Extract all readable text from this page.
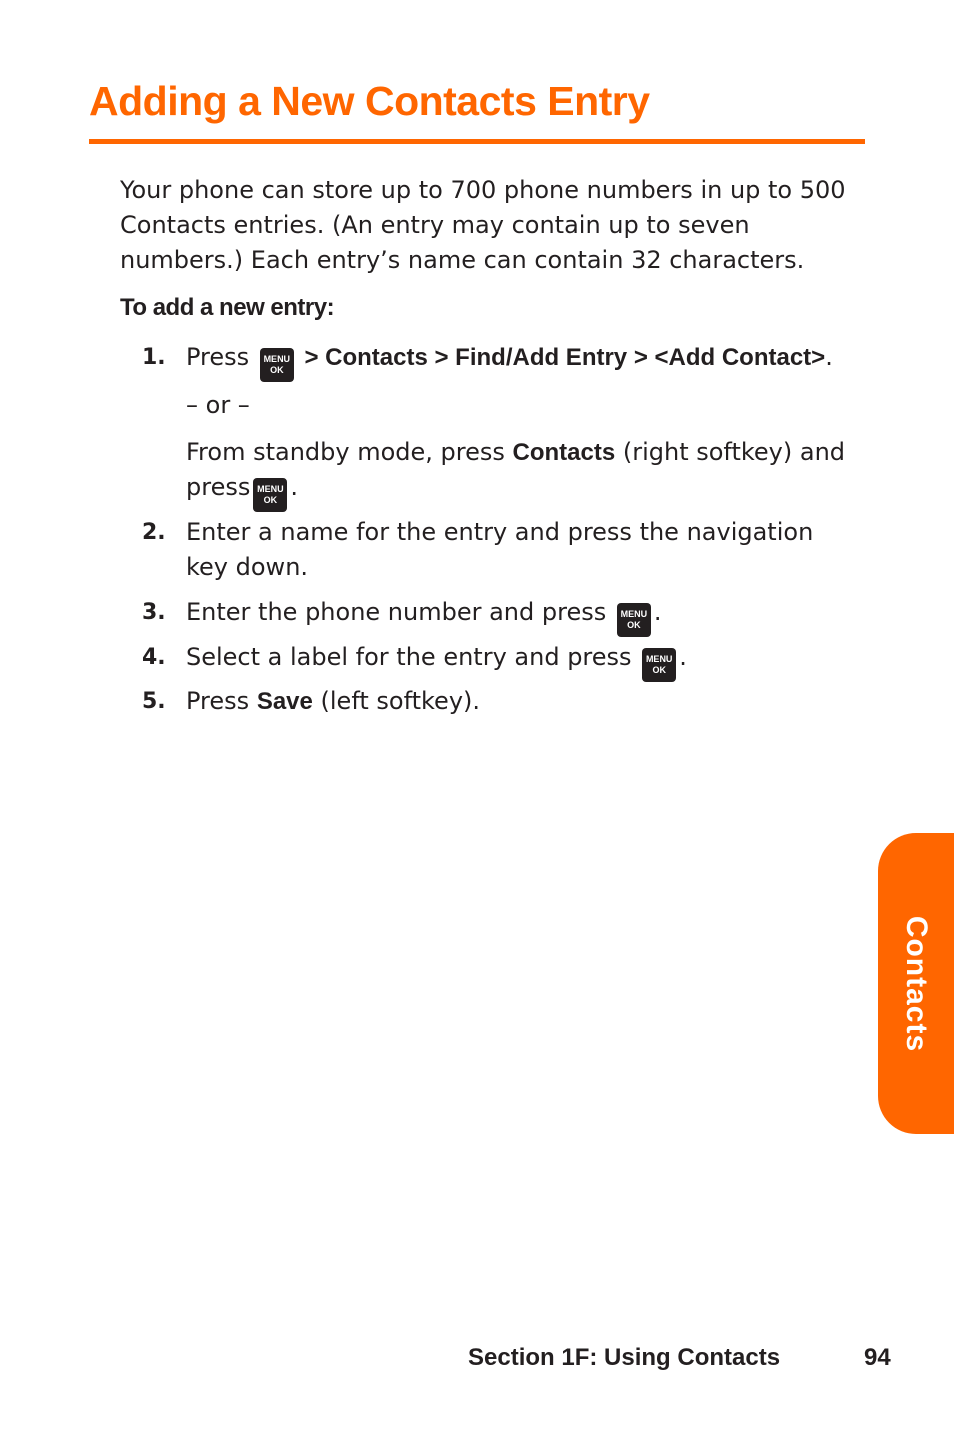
Adding a New Contacts Entry

Your phone can store up to 700 phone numbers in up to 500 Contacts entries. (An entry may contain up to seven numbers.) Each entry’s name can contain 32 characters.

To add a new entry:

1. Press MENU
OK > Contacts > Find/Add Entry > <Add Contact>.
– or –
From standby mode, press Contacts (right softkey) and
press MENU
OK .
2. Enter a name for the entry and press the navigation
key down.
3. Enter the phone number and press MENU
OK .
4. Select a label for the entry and press MENU
OK .
5. Press Save (left softkey).
Contacts
Section 1F: Using Contacts	94
